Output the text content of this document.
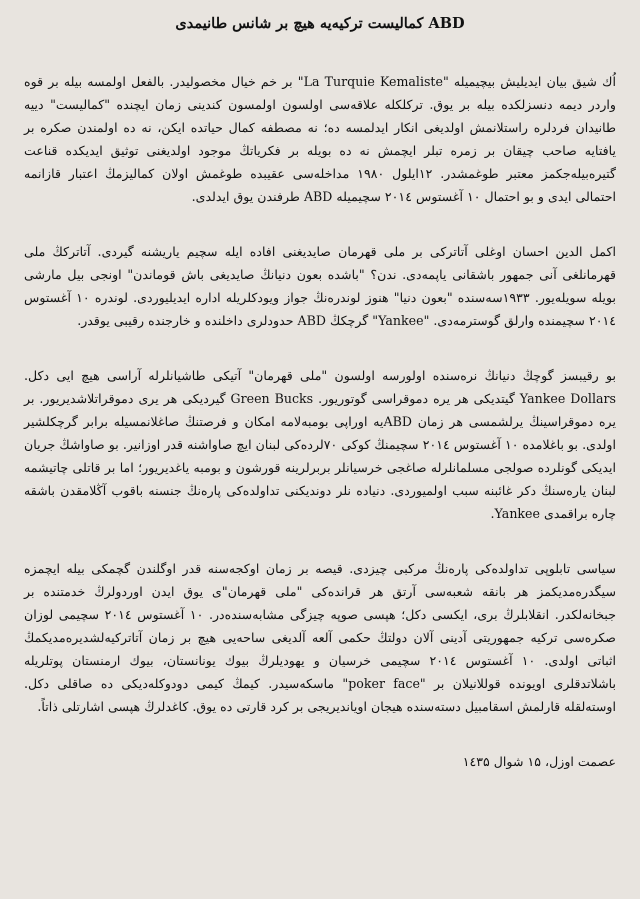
ABD کمالیست ترکیه‌یه هیچ بر شانس طانیمدی
اُك شیق بیان ایدیلیش بیچیمیله "La Turquie Kemaliste" بر خم خیال مخصولیدر. بالفعل اولمسه بیله بر قوه واردر دیمه دنسزلکده بیله بر یوق. ترکلکله علاقه‌سی اولسون اولمسون کندینی زمان ایچنده "کمالیست" دییه طانیدان فردلره راستلانمش اولدیغی انکار ایدلمسه ده؛ نه مصطفه کمال حیاتده ایکن، نه ده اولمندن صکره بر یافتایه صاحب چیقان بر زمره تبلر ایچمش نه ده بویله بر فکریاتڭ موجود اولدیغنی توثیق ایدیکده قناعت گتیره‌بیله‌جکمز معتبر طوغمشدر. ۱۲ایلول ۱۹۸۰ مداخله‌سی عقیبده طوغمش اولان کمالیزمڭ اعتبار قازانمه احتمالی ایدی و بو احتمال ۱۰ آغستوس ۲۰۱٤ سچیمیله ABD طرفندن یوق ایدلدی.
اکمل الدین احسان اوغلی آتاترکی بر ملی قهرمان صایدیغنی افاده ایله سچیم یاریشنه گیردی. آتاترکڭ ملی قهرمانلغی آنی جمهور باشقانی یاپمه‌دی. ندن؟ "باشده بعون دنیانڭ صایدیغی باش قوماندن" اونجی بیل مارشی بویله سویله‌یور. ۱۹۳۳سه‌سنده "بعون دنیا" هنوز لوندره‌نڭ جواز ویودکلریله اداره ایدیلیوردی. لوندره ۱۰ آغستوس ۲۰۱٤ سچیمنده وارلق گوسترمه‌دی. "Yankee" گرچکڭ ABD حدودلری داخلنده و خارجنده رقیبی یوقدر.
بو رقیبسز گوچڭ دنیانڭ نره‌سنده اولورسه اولسون "ملی قهرمان" آتیکی طاشیانلرله آراسی هیچ ایی دکل. Yankee Dollars گیتدیکی هر یره دموقراسی گوتوریور. Green Bucks گیردیکی هر یری دموقراتلاشدیریور. بر یره دموقراسینڭ یرلشمسی هر زمان ABDیه اوراپی بومبه‌لامه امکان و فرصتنڭ صاغلانمسیله برابر گرچکلشیر اولدی. بو باغلامده ۱۰ آغستوس ۲۰۱٤ سچیمنڭ کوکی ۷۰لرده‌کی لبنان ایچ صاواشنه قدر اوزانیر. بو صاواشڭ جریان ایدیکی گونلرده صولجی مسلمانلرله صاغجی خرسیانلر بربرلرینه قورشون و بومبه یاغدیریور؛ اما بر قاتلی چاتیشمه لبنان یاره‌سنڭ دکر غائبنه سبب اولمیوردی. دنیاده نلر دونديکنی تداولده‌کی پاره‌نڭ جنسنه باقوب آڭلامقدن باشقه چاره براقمدی Yankee.
سیاسی تابلوپی تداولده‌کی پاره‌نڭ مرکبی چیزدی. قیصه بر زمان اوکجه‌سنه قدر اوگلندن گچمکی بیله ایچمزه سیگدره‌مدیکمز هر بانقه شعبه‌سی آرتق هر قرانده‌کی "ملی قهرمان"ی یوق ایدن اوردولرڭ خدمتنده بر جبخانه‌لکدر. انقلابلرڭ بری، ایکسی دکل؛ هپسی صوپه چیزگی مشابه‌سنده‌در. ۱۰ آغستوس ۲۰۱٤ سچیمی لوزان صکره‌سی ترکیه جمهوریتی آدینی آلان دولتڭ حکمی آلعه آلدیغی ساحه‌یی هیچ بر زمان آتاترکیه‌لشدیره‌مدیکمڭ اثباتی اولدی. ۱۰ آغستوس ۲۰۱٤ سچیمی خرسیان و یهودیلرڭ بیوك یونانستان، بیوك ارمنستان پوتلریله باشلاتدقلری اویونده قوللانیلان بر "poker face" ماسکه‌سیدر. کیمڭ کیمی دودوکله‌دیکی ده صاقلی دکل. اوسته‌لقله قارلمش اسقامبیل دسته‌سنده هیجان اویاندیریجی بر کرد قارتی ده یوق. کاغدلرڭ هپسی اشارتلی ذاتاً.
عصمت اوزل، ۱۵ شوال ۱٤۳۵
